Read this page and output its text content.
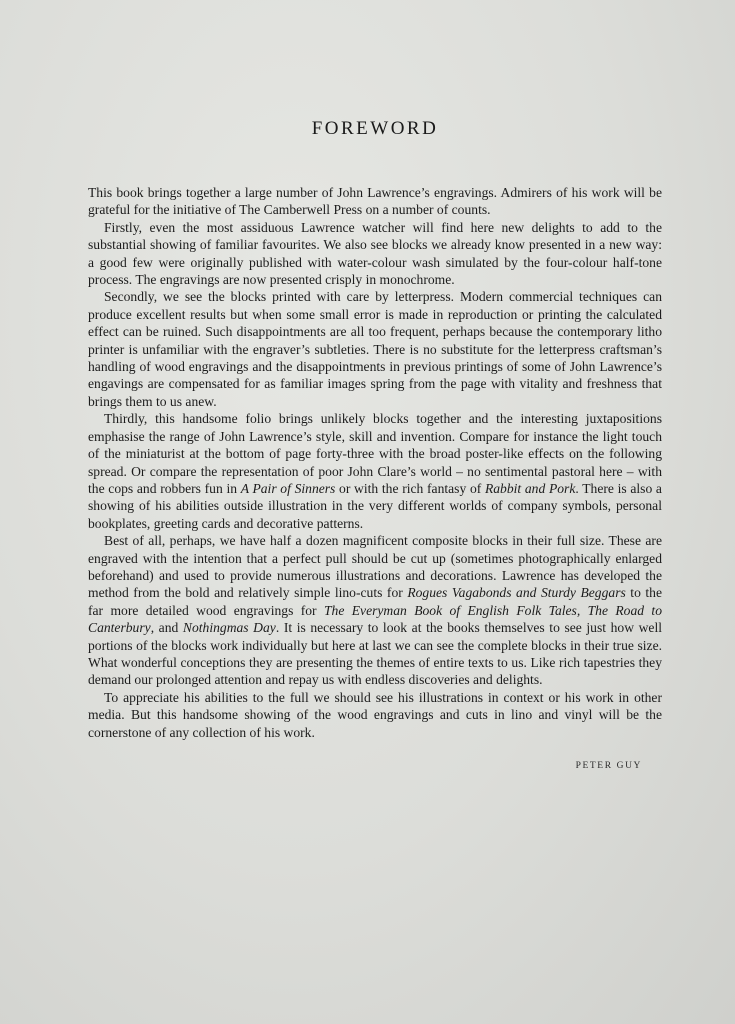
FOREWORD

This book brings together a large number of John Lawrence’s engravings. Admirers of his work will be grateful for the initiative of The Camberwell Press on a number of counts.

Firstly, even the most assiduous Lawrence watcher will find here new delights to add to the substantial showing of familiar favourites. We also see blocks we already know presented in a new way: a good few were originally published with water-colour wash simulated by the four-colour half-tone process. The engravings are now presented crisply in monochrome.

Secondly, we see the blocks printed with care by letterpress. Modern commercial techniques can produce excellent results but when some small error is made in reproduction or printing the calculated effect can be ruined. Such disappointments are all too frequent, perhaps because the contemporary litho printer is unfamiliar with the engraver’s subtleties. There is no substitute for the letterpress craftsman’s handling of wood engravings and the disappointments in previous printings of some of John Lawrence’s engavings are compensated for as familiar images spring from the page with vitality and freshness that brings them to us anew.

Thirdly, this handsome folio brings unlikely blocks together and the interesting juxtapositions emphasise the range of John Lawrence’s style, skill and invention. Compare for instance the light touch of the miniaturist at the bottom of page forty-three with the broad poster-like effects on the following spread. Or compare the representation of poor John Clare’s world – no sentimental pastoral here – with the cops and robbers fun in A Pair of Sinners or with the rich fantasy of Rabbit and Pork. There is also a showing of his abilities outside illustration in the very different worlds of company symbols, personal bookplates, greeting cards and decorative patterns.

Best of all, perhaps, we have half a dozen magnificent composite blocks in their full size. These are engraved with the intention that a perfect pull should be cut up (sometimes photographically enlarged beforehand) and used to provide numerous illustrations and decorations. Lawrence has developed the method from the bold and relatively simple lino-cuts for Rogues Vagabonds and Sturdy Beggars to the far more detailed wood engravings for The Everyman Book of English Folk Tales, The Road to Canterbury, and Nothingmas Day. It is necessary to look at the books themselves to see just how well portions of the blocks work individually but here at last we can see the complete blocks in their true size. What wonderful conceptions they are presenting the themes of entire texts to us. Like rich tapestries they demand our prolonged attention and repay us with endless discoveries and delights.

To appreciate his abilities to the full we should see his illustrations in context or his work in other media. But this handsome showing of the wood engravings and cuts in lino and vinyl will be the cornerstone of any collection of his work.

PETER GUY
